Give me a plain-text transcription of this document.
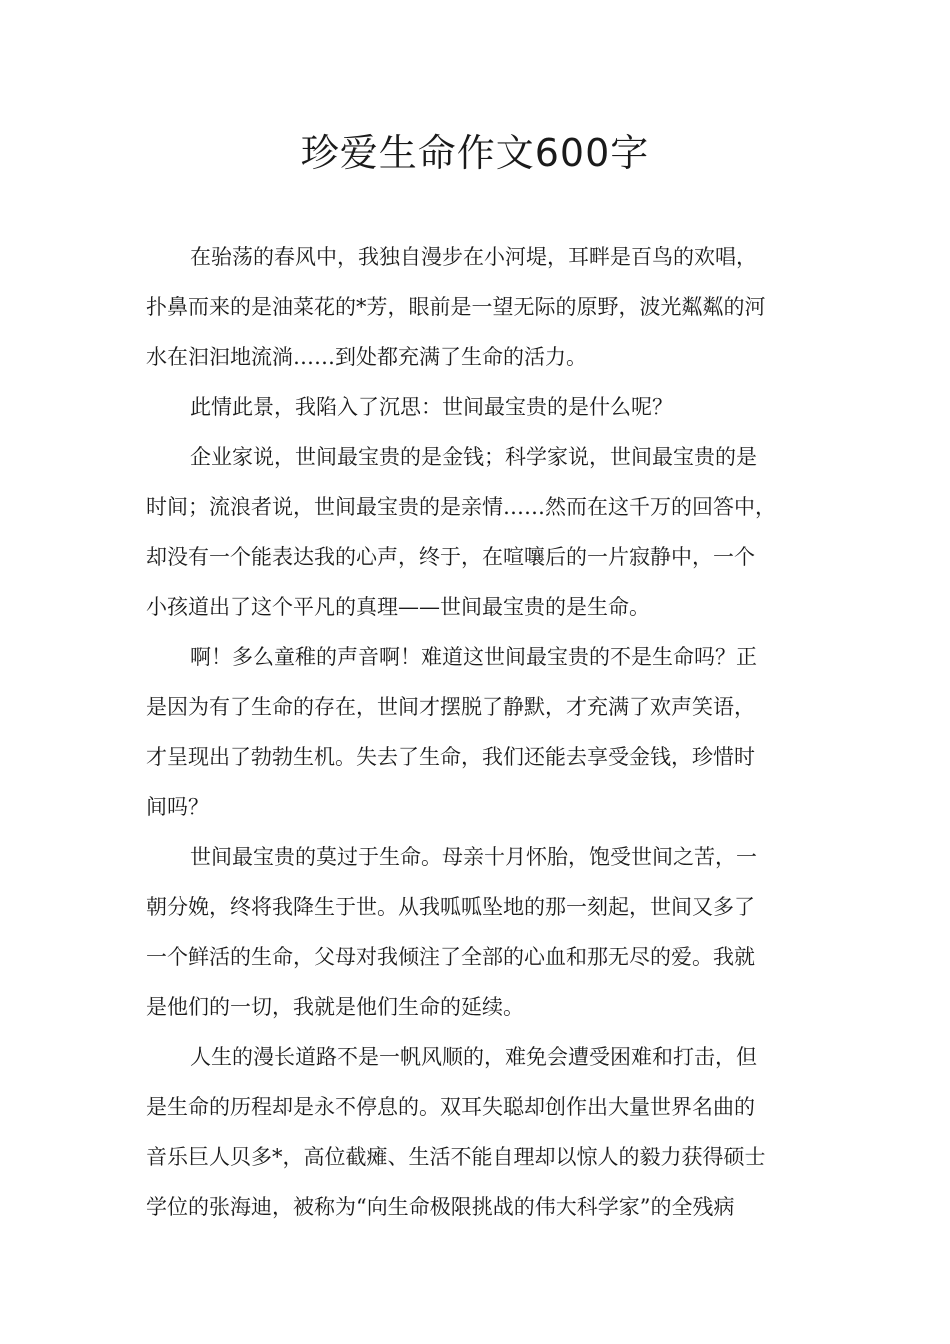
珍爱生命作文600字

在骀荡的春风中，我独自漫步在小河堤，耳畔是百鸟的欢唱，
扑鼻而来的是油菜花的*芳，眼前是一望无际的原野，波光粼粼的河
水在汩汩地流淌……到处都充满了生命的活力。

此情此景，我陷入了沉思：世间最宝贵的是什么呢？

企业家说，世间最宝贵的是金钱；科学家说，世间最宝贵的是
时间；流浪者说，世间最宝贵的是亲情……然而在这千万的回答中，
却没有一个能表达我的心声，终于，在喧嚷后的一片寂静中，一个
小孩道出了这个平凡的真理——世间最宝贵的是生命。

啊！多么童稚的声音啊！难道这世间最宝贵的不是生命吗？正
是因为有了生命的存在，世间才摆脱了静默，才充满了欢声笑语，
才呈现出了勃勃生机。失去了生命，我们还能去享受金钱，珍惜时
间吗？

世间最宝贵的莫过于生命。母亲十月怀胎，饱受世间之苦，一
朝分娩，终将我降生于世。从我呱呱坠地的那一刻起，世间又多了
一个鲜活的生命，父母对我倾注了全部的心血和那无尽的爱。我就
是他们的一切，我就是他们生命的延续。

人生的漫长道路不是一帆风顺的，难免会遭受困难和打击，但
是生命的历程却是永不停息的。双耳失聪却创作出大量世界名曲的
音乐巨人贝多*，高位截瘫、生活不能自理却以惊人的毅力获得硕士
学位的张海迪，被称为“向生命极限挑战的伟大科学家”的全残病
